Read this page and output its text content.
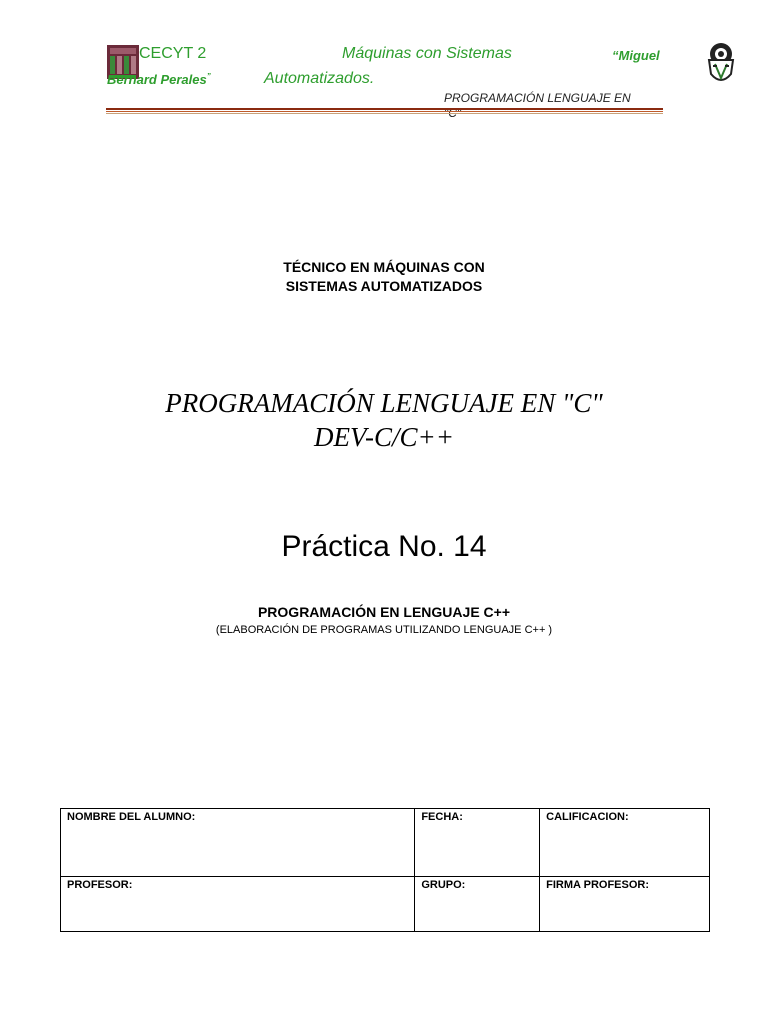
CECYT 2	Máquinas con Sistemas
Automatizados.
“Miguel
Bernard Perales”
PROGRAMACIÓN LENGUAJE EN
TÉCNICO EN MÁQUINAS CON
SISTEMAS AUTOMATIZADOS
PROGRAMACIÓN LENGUAJE EN "C"
DEV-C/C++
Práctica No. 14
PROGRAMACIÓN EN LENGUAJE C++
(ELABORACIÓN DE PROGRAMAS UTILIZANDO LENGUAJE C++ )
NOMBRE DEL ALUMNO:	FECHA:	CALIFICACION:
PROFESOR:	GRUPO:	FIRMA PROFESOR:
